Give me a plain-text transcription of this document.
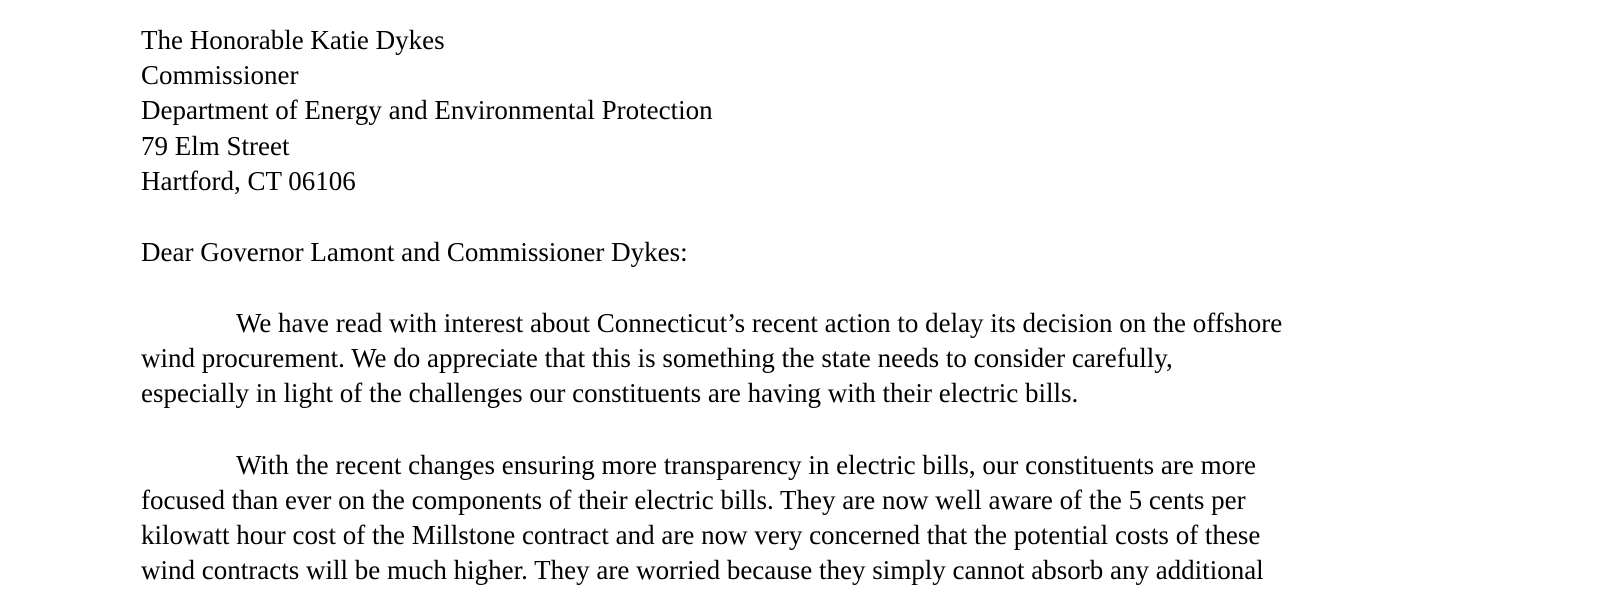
The Honorable Katie Dykes

Commissioner

Department of Energy and Environmental Protection

79 Elm Street

Hartford, CT 06106

Dear Governor Lamont and Commissioner Dykes:

We have read with interest about Connecticut’s recent action to delay its decision on the offshore

wind procurement. We do appreciate that this is something the state needs to consider carefully,

especially in light of the challenges our constituents are having with their electric bills.

With the recent changes ensuring more transparency in electric bills, our constituents are more

focused than ever on the components of their electric bills. They are now well aware of the 5 cents per

kilowatt hour cost of the Millstone contract and are now very concerned that the potential costs of these

wind contracts will be much higher. They are worried because they simply cannot absorb any additional
